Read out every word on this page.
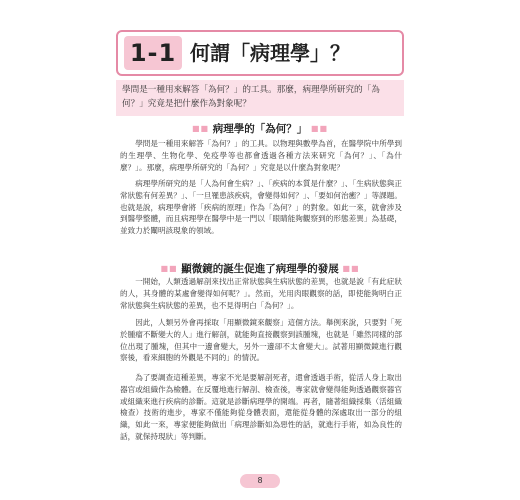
1-1 何謂「病理學」？
學問是一種用來解答「為何？」的工具。那麼，病理學所研究的「為何？」究竟是把什麼作為對象呢？
■■ 病理學的「為何？」 ■■

學問是一種用來解答「為何？」的工具。以物理與數學為首，在醫學院中所學到的生理學、生物化學、免疫學等也都會透過各種方法來研究「為何？」、「為什麼？」。那麼，病理學所研究的「為何？」究竟是以什麼為對象呢？

病理學所研究的是「人為何會生病？」、「疾病的本質是什麼？」、「生病狀態與正常狀態有何差異？」、「一旦罹患該疾病，會變得如何？」、「要如何治癒？」等課題。也就是說，病理學會將「疾病的原理」作為「為何？」的對象。如此一來，就會涉及到醫學整體，而且病理學在醫學中是一門以「眼睛能夠觀察到的形態差異」為基礎，並致力於闡明該現象的領域。

■■ 顯微鏡的誕生促進了病理學的發展 ■■

一開始，人類透過解剖來找出正常狀態與生病狀態的差異，也就是說「有此症狀的人，其身體的某處會變得如何呢？」。然而，光用肉眼觀察的話，即使能夠明白正常狀態與生病狀態的差異，也不見得明白「為何？」。

因此，人類另外會再採取「用顯微鏡來觀察」這個方法。舉例來說，只要對「死於腫瘤不斷變大的人」進行解剖，就能夠直接觀察到該腫塊，也就是「雖然同樣的部位出現了腫塊，但其中一邊會變大，另外一邊卻不太會變大」。試著用顯微鏡進行觀察後，看來細胞的外觀是不同的」的情況。

為了要調查這種差異，專家不光是要解剖死者，還會透過手術，從活人身上取出器官或組織作為檢體。在反覆地進行解剖、檢查後，專家就會變得能夠透過觀察器官或組織來進行疾病的診斷。這就是診斷病理學的開端。再者，隨著組織採集（活組織檢查）技術的進步，專家不僅能夠從身體表面，還能從身體的深處取出一部分的組織，如此一來，專家便能夠做出「病理診斷如為惡性的話，就進行手術，如為良性的話，就保持現狀」等判斷。

8
